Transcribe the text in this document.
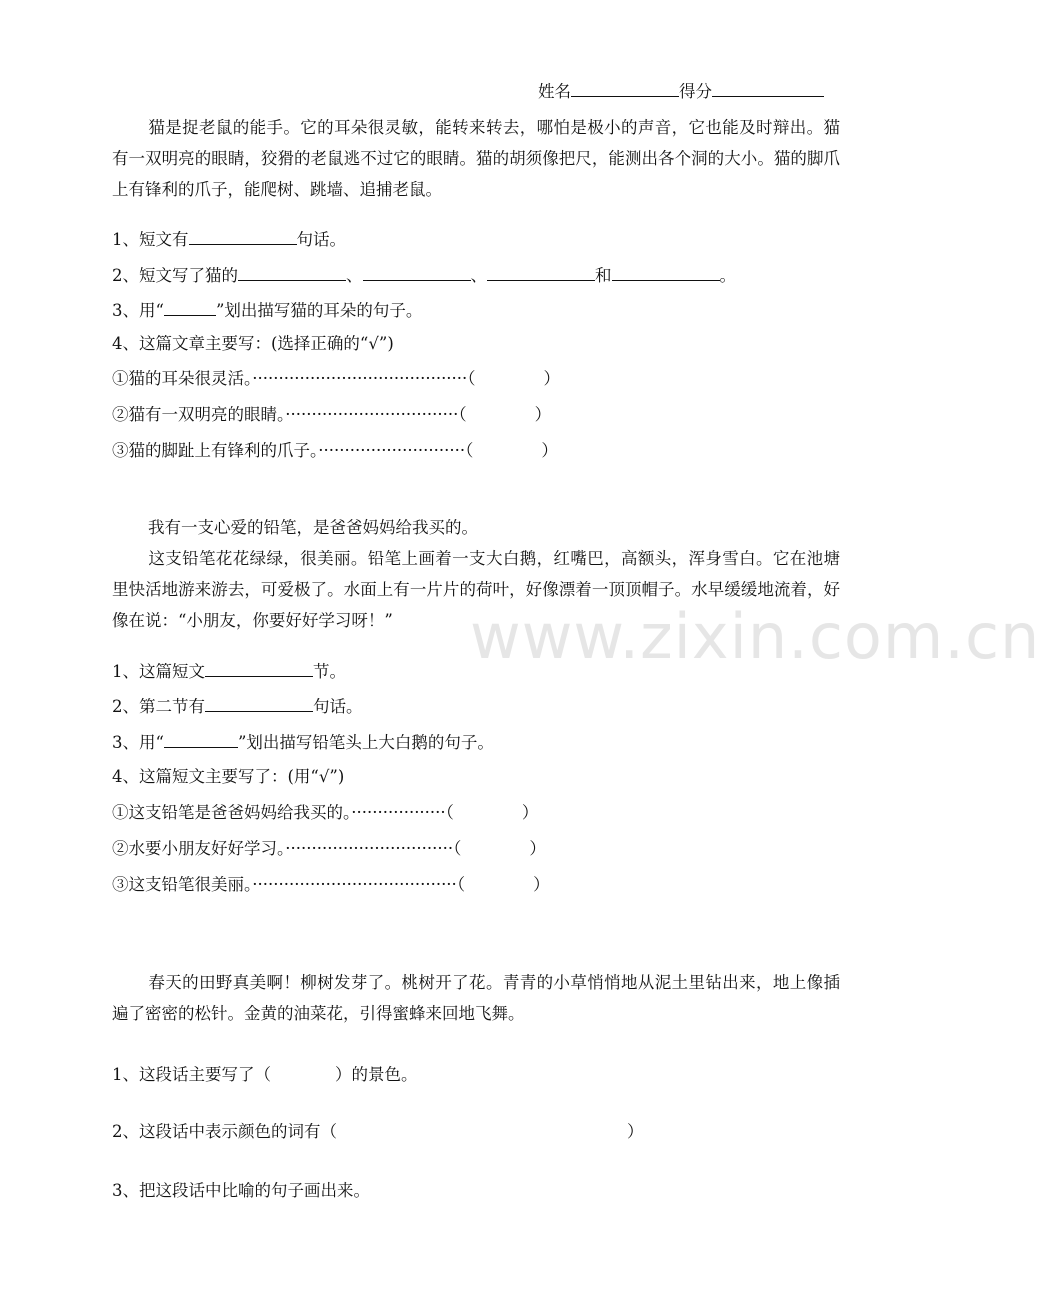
www.zixin.com.cn
姓名	得分
猫是捉老鼠的能手。它的耳朵很灵敏，能转来转去，哪怕是极小的声音，它也能及时辩出。猫有一双明亮的眼睛，狡猾的老鼠逃不过它的眼睛。猫的胡须像把尺，能测出各个洞的大小。猫的脚爪上有锋利的爪子，能爬树、跳墙、追捕老鼠。
1、短文有	句话。
2、短文写了猫的	、	、	和	。
3、用“	”划出描写猫的耳朵的句子。
4、这篇文章主要写：(选择正确的“√”)
①猫的耳朵很灵活。·········································（	）
②猫有一双明亮的眼睛。·································（	）
③猫的脚趾上有锋利的爪子。····························（	）
我有一支心爱的铅笔，是爸爸妈妈给我买的。
这支铅笔花花绿绿，很美丽。铅笔上画着一支大白鹅，红嘴巴，高额头，浑身雪白。它在池塘里快活地游来游去，可爱极了。水面上有一片片的荷叶，好像漂着一顶顶帽子。水早缓缓地流着，好像在说：“小朋友，你要好好学习呀！”
1、这篇短文	节。
2、第二节有	句话。
3、用“	”划出描写铅笔头上大白鹅的句子。
4、这篇短文主要写了：(用“√”)
①这支铅笔是爸爸妈妈给我买的。··················（	）
②水要小朋友好好学习。································（	）
③这支铅笔很美丽。·······································（	）
春天的田野真美啊！柳树发芽了。桃树开了花。青青的小草悄悄地从泥土里钻出来，地上像插遍了密密的松针。金黄的油菜花，引得蜜蜂来回地飞舞。
1、这段话主要写了（	）的景色。
2、这段话中表示颜色的词有（	）
3、把这段话中比喻的句子画出来。
